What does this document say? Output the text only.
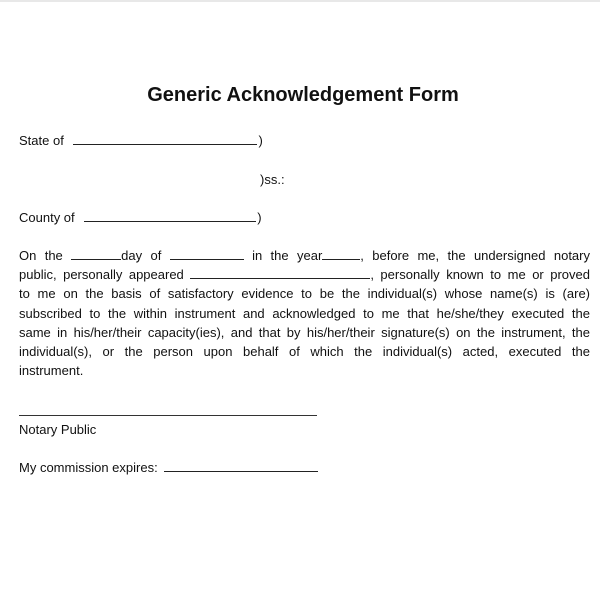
Generic Acknowledgement Form
State of	)
)ss.:
County of	)
On the	day of	in the year	, before me, the undersigned notary
public, personally appeared	, personally known to me or proved
to me on the basis of satisfactory evidence to be the individual(s) whose name(s) is (are)
subscribed to the within instrument and acknowledged to me that he/she/they executed the
same in his/her/their capacity(ies), and that by his/her/their signature(s) on the instrument, the
individual(s), or the person upon behalf of which the individual(s) acted, executed the
instrument.
Notary Public
My commission expires:
